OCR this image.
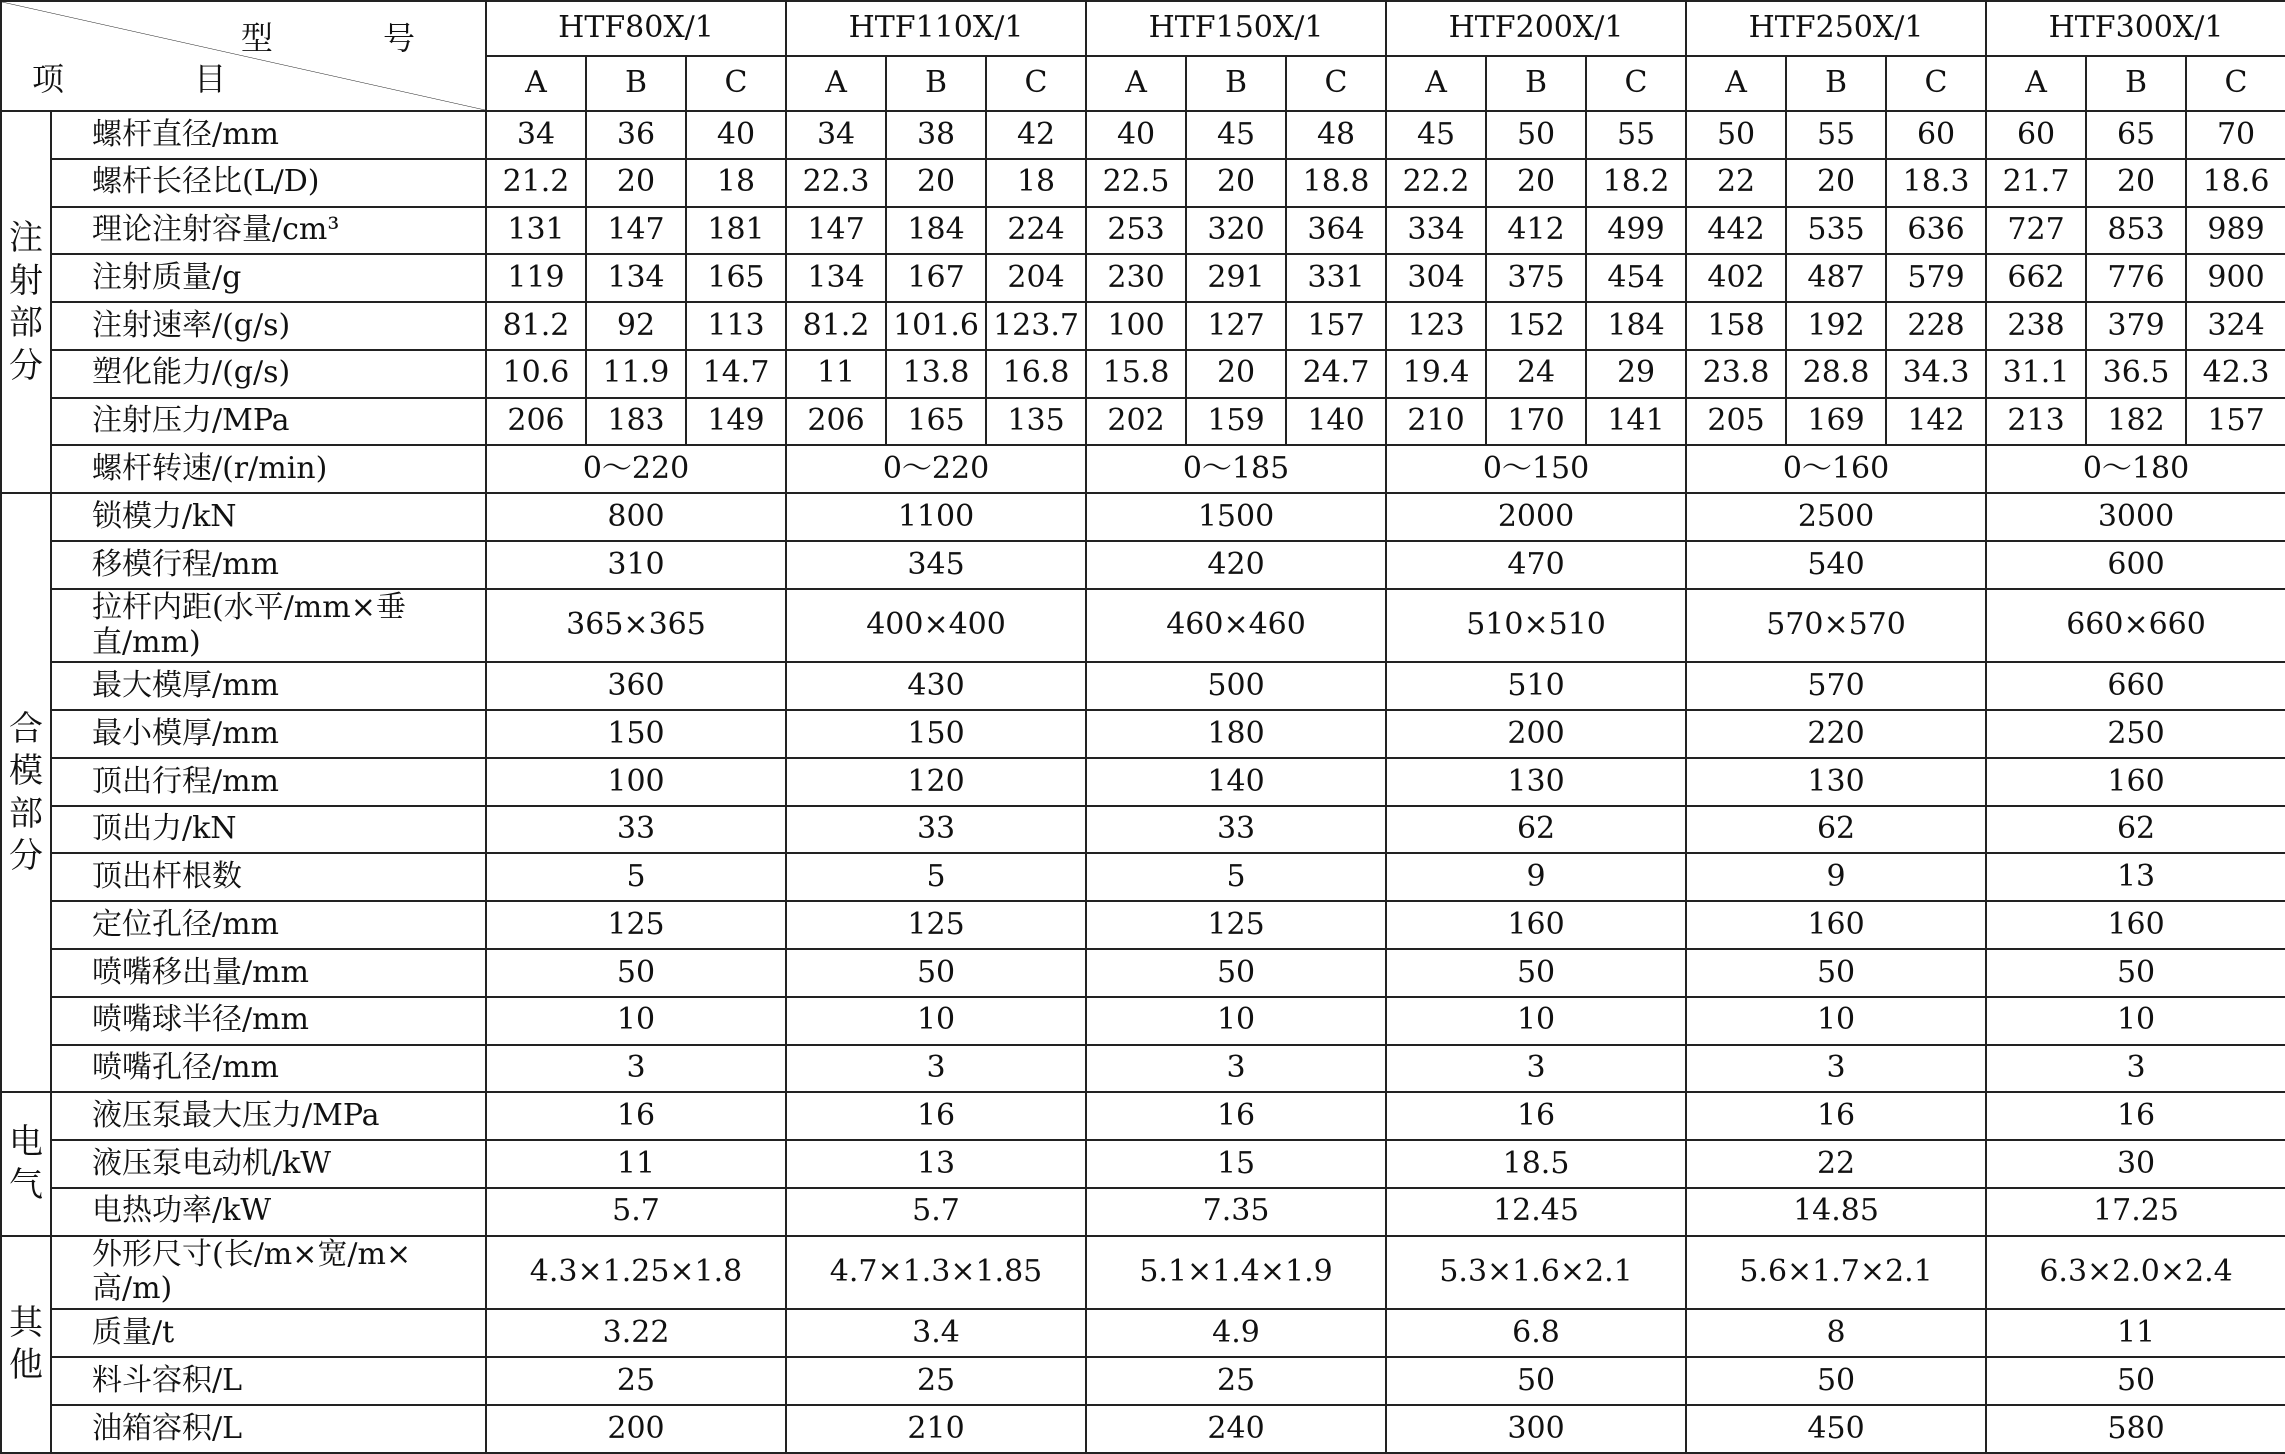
型 号
项 目		HTF80X/1			HTF110X/1			HTF150X/1			HTF200X/1			HTF250X/1			HTF300X/1		
		A	B	C	A	B	C	A	B	C	A	B	C	A	B	C	A	B	C

注
射
部
分	螺杆直径/mm	34	36	40	34	38	42	40	45	48	45	50	55	50	55	60	60	65	70
	螺杆长径比(L/D)	21.2	20	18	22.3	20	18	22.5	20	18.8	22.2	20	18.2	22	20	18.3	21.7	20	18.6
	理论注射容量/cm³	131	147	181	147	184	224	253	320	364	334	412	499	442	535	636	727	853	989
	注射质量/g	119	134	165	134	167	204	230	291	331	304	375	454	402	487	579	662	776	900
	注射速率/(g/s)	81.2	92	113	81.2	101.6	123.7	100	127	157	123	152	184	158	192	228	238	379	324
	塑化能力/(g/s)	10.6	11.9	14.7	11	13.8	16.8	15.8	20	24.7	19.4	24	29	23.8	28.8	34.3	31.1	36.5	42.3
	注射压力/MPa	206	183	149	206	165	135	202	159	140	210	170	141	205	169	142	213	182	157
	螺杆转速/(r/min)	0～220			0～220			0～185			0～150			0～160			0～180		

合
模
部
分	锁模力/kN	800			1100			1500			2000			2500			3000		
	移模行程/mm	310			345			420			470			540			600		
	拉杆内距(水平/mm×垂直/mm)	365×365			400×400			460×460			510×510			570×570			660×660		
	最大模厚/mm	360			430			500			510			570			660		
	最小模厚/mm	150			150			180			200			220			250		
	顶出行程/mm	100			120			140			130			130			160		
	顶出力/kN	33			33			33			62			62			62		
	顶出杆根数	5			5			5			9			9			13		
	定位孔径/mm	125			125			125			160			160			160		
	喷嘴移出量/mm	50			50			50			50			50			50		
	喷嘴球半径/mm	10			10			10			10			10			10		
	喷嘴孔径/mm	3			3			3			3			3			3		

电
气	液压泵最大压力/MPa	16			16			16			16			16			16		
	液压泵电动机/kW	11			13			15			18.5			22			30		
	电热功率/kW	5.7			5.7			7.35			12.45			14.85			17.25		

其
他	外形尺寸(长/m×宽/m×高/m)	4.3×1.25×1.8			4.7×1.3×1.85			5.1×1.4×1.9			5.3×1.6×2.1			5.6×1.7×2.1			6.3×2.0×2.4		
	质量/t	3.22			3.4			4.9			6.8			8			11		
	料斗容积/L	25			25			25			50			50			50		
	油箱容积/L	200			210			240			300			450			580		
